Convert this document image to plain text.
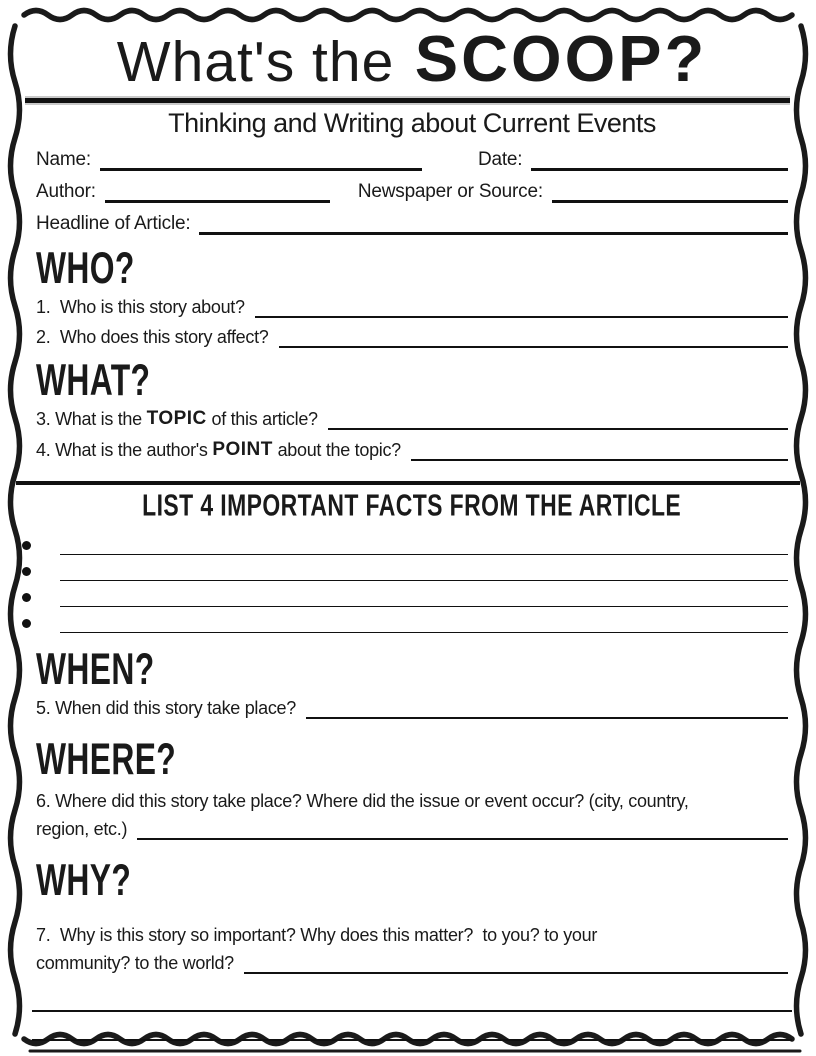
What's the SCOOP?
Thinking and Writing about Current Events
Name:	Date:
Author:	Newspaper or Source:
Headline of Article:
WHO?
1.  Who is this story about?
2.  Who does this story affect?
WHAT?
3. What is the TOPIC of this article?
4. What is the author's POINT about the topic?
LIST 4 IMPORTANT FACTS FROM THE ARTICLE
WHEN?
5. When did this story take place?
WHERE?
6. Where did this story take place? Where did the issue or event occur? (city, country,
region, etc.)
WHY?
7.  Why is this story so important? Why does this matter?  to you? to your
community? to the world?
